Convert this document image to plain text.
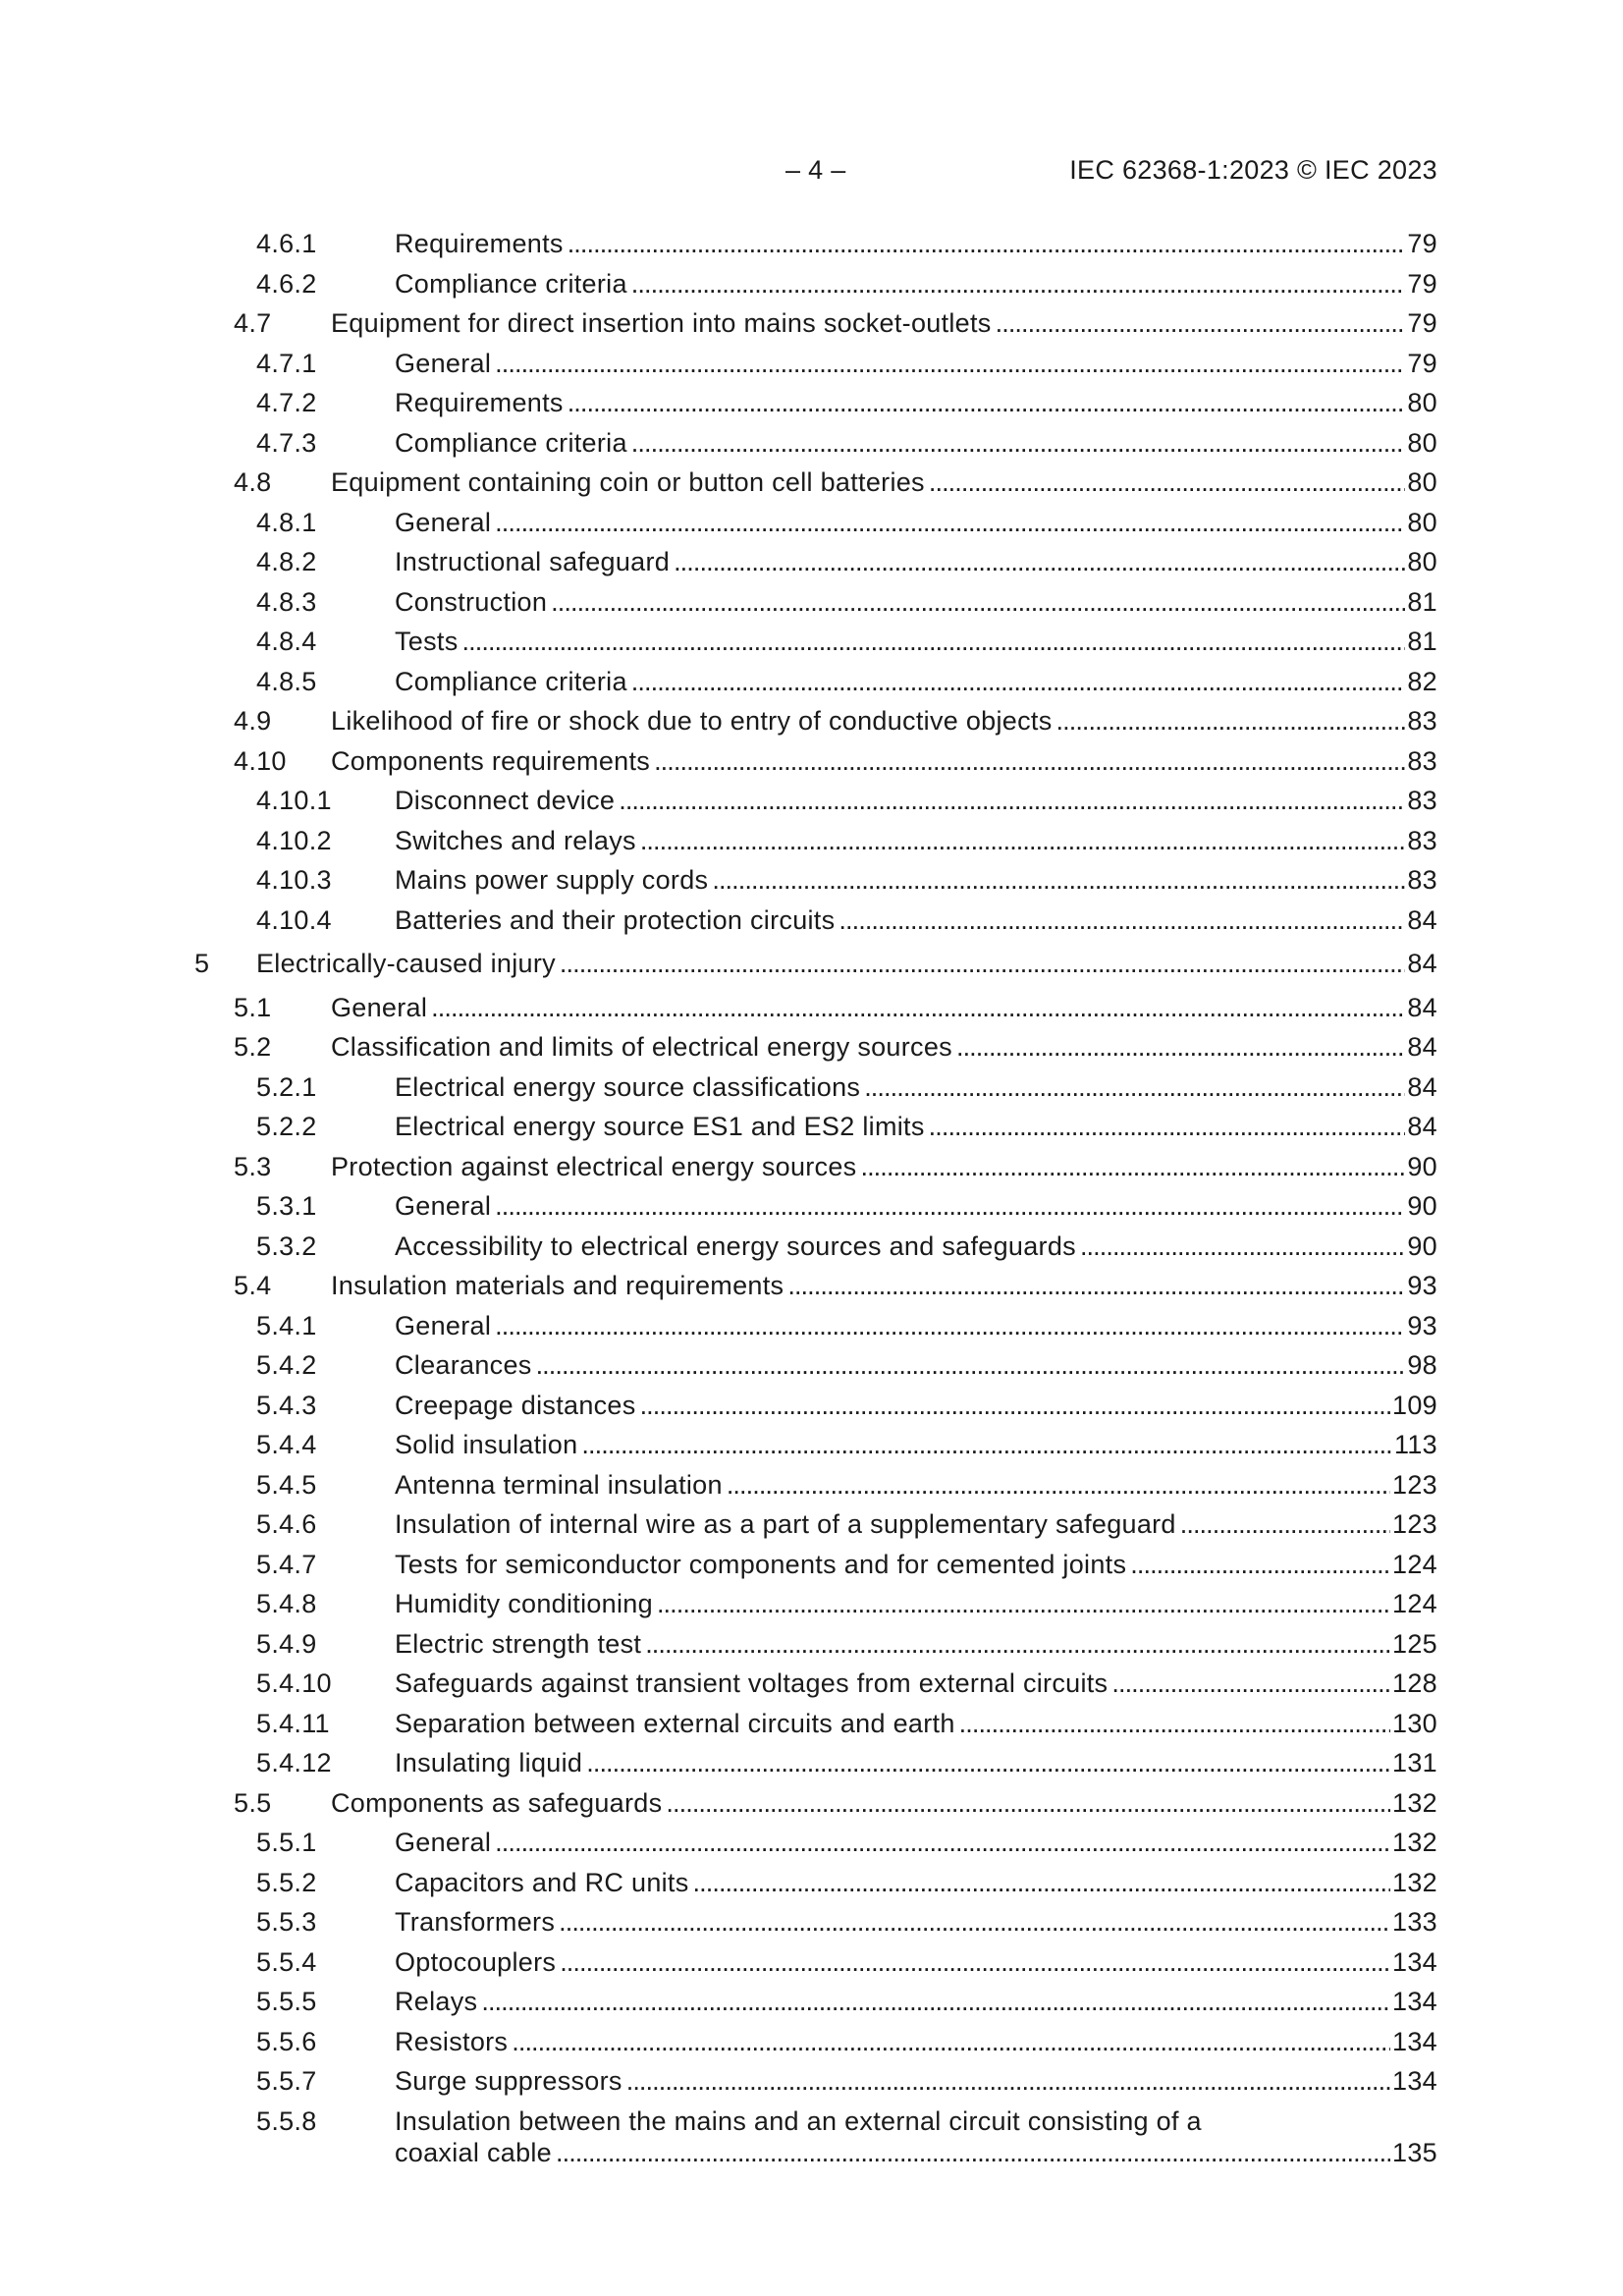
– 4 –	IEC 62368-1:2023 © IEC 2023
4.6.1	Requirements . . .	79
4.6.2	Compliance criteria . . .	79
4.7 Equipment for direct insertion into mains socket-outlets . . .	79
4.7.1	General . . .	79
4.7.2	Requirements . . .	80
4.7.3	Compliance criteria . . .	80
4.8 Equipment containing coin or button cell batteries . . .	80
4.8.1	General . . .	80
4.8.2	Instructional safeguard . . .	80
4.8.3	Construction . . .	81
4.8.4	Tests . . .	81
4.8.5	Compliance criteria . . .	82
4.9 Likelihood of fire or shock due to entry of conductive objects . . .	83
4.10 Components requirements . . .	83
4.10.1 Disconnect device . . .	83
4.10.2 Switches and relays . . .	83
4.10.3 Mains power supply cords . . .	83
4.10.4 Batteries and their protection circuits . . .	84
5 Electrically-caused injury . . .	84
5.1 General . . .	84
5.2 Classification and limits of electrical energy sources . . .	84
5.2.1	Electrical energy source classifications . . .	84
5.2.2	Electrical energy source ES1 and ES2 limits . . .	84
5.3 Protection against electrical energy sources . . .	90
5.3.1	General . . .	90
5.3.2	Accessibility to electrical energy sources and safeguards . . .	90
5.4 Insulation materials and requirements . . .	93
5.4.1	General . . .	93
5.4.2	Clearances . . .	98
5.4.3	Creepage distances . . .	109
5.4.4	Solid insulation . . .	113
5.4.5	Antenna terminal insulation . . .	123
5.4.6	Insulation of internal wire as a part of a supplementary safeguard . . .	123
5.4.7	Tests for semiconductor components and for cemented joints . . .	124
5.4.8	Humidity conditioning . . .	124
5.4.9	Electric strength test . . .	125
5.4.10 Safeguards against transient voltages from external circuits . . .	128
5.4.11 Separation between external circuits and earth . . .	130
5.4.12 Insulating liquid . . .	131
5.5 Components as safeguards . . .	132
5.5.1	General . . .	132
5.5.2	Capacitors and RC units . . .	132
5.5.3	Transformers . . .	133
5.5.4	Optocouplers . . .	134
5.5.5	Relays . . .	134
5.5.6	Resistors . . .	134
5.5.7	Surge suppressors . . .	134
5.5.8	Insulation between the mains and an external circuit consisting of a
coaxial cable . . .	135
